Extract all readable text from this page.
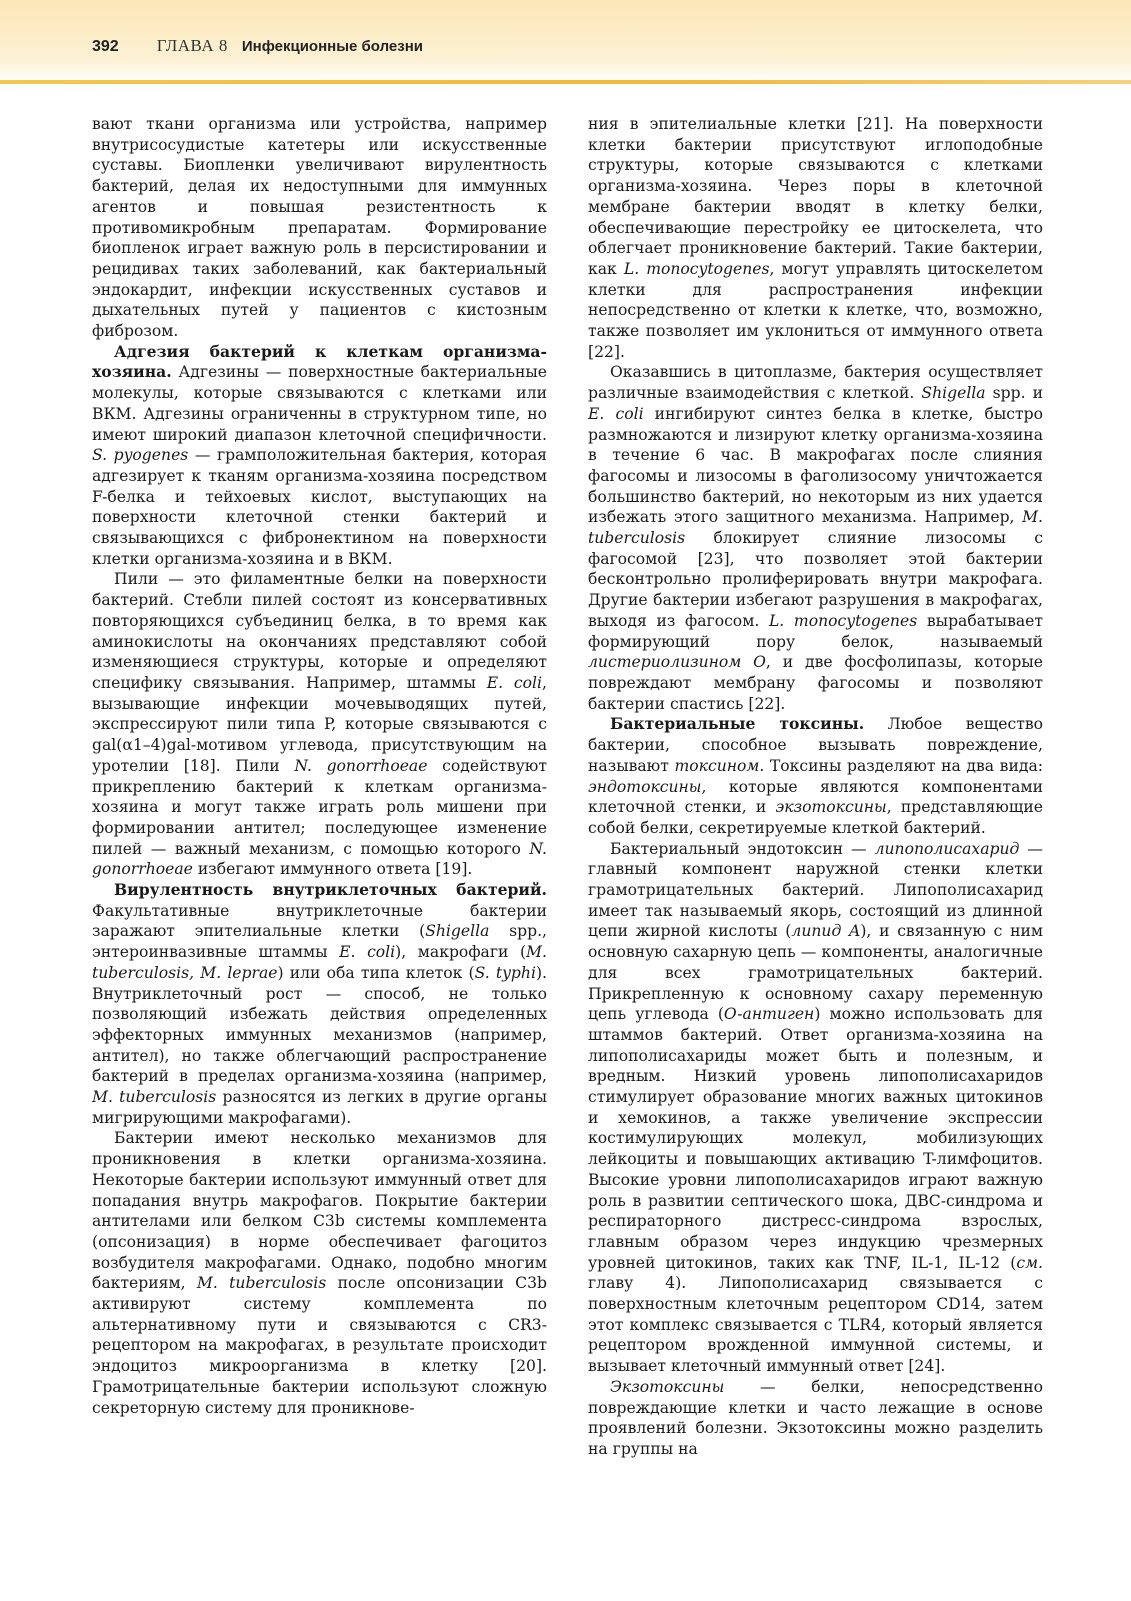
392 ГЛАВА 8 Инфекционные болезни

вают ткани организма или устройства, например внутрисосудистые катетеры или искусственные суставы. Биопленки увеличивают вирулентность бактерий, делая их недоступными для иммунных агентов и повышая резистентность к противомикробным препаратам. Формирование биопленок играет важную роль в персистировании и рецидивах таких заболеваний, как бактериальный эндокардит, инфекции искусственных суставов и дыхательных путей у пациентов с кистозным фиброзом.

Адгезия бактерий к клеткам организма-хозяина. Адгезины — поверхностные бактериальные молекулы, которые связываются с клетками или ВКМ. Адгезины ограниченны в структурном типе, но имеют широкий диапазон клеточной специфичности. S. pyogenes — грамположительная бактерия, которая адгезирует к тканям организма-хозяина посредством F-белка и тейхоевых кислот, выступающих на поверхности клеточной стенки бактерий и связывающихся с фибронектином на поверхности клетки организма-хозяина и в ВКМ.

Пили — это филаментные белки на поверхности бактерий. Стебли пилей состоят из консервативных повторяющихся субъединиц белка, в то время как аминокислоты на окончаниях представляют собой изменяющиеся структуры, которые и определяют специфику связывания. Например, штаммы E. coli, вызывающие инфекции мочевыводящих путей, экспрессируют пили типа P, которые связываются с gal(α1–4)gal-мотивом углевода, присутствующим на уротелии [18]. Пили N. gonorrhoeae содействуют прикреплению бактерий к клеткам организма-хозяина и могут также играть роль мишени при формировании антител; последующее изменение пилей — важный механизм, с помощью которого N. gonorrhoeae избегают иммунного ответа [19].

Вирулентность внутриклеточных бактерий. Факультативные внутриклеточные бактерии заражают эпителиальные клетки (Shigella spp., энтероинвазивные штаммы E. coli), макрофаги (M. tuberculosis, M. leprae) или оба типа клеток (S. typhi). Внутриклеточный рост — способ, не только позволяющий избежать действия определенных эффекторных иммунных механизмов (например, антител), но также облегчающий распространение бактерий в пределах организма-хозяина (например, M. tuberculosis разносятся из легких в другие органы мигрирующими макрофагами).

Бактерии имеют несколько механизмов для проникновения в клетки организма-хозяина. Некоторые бактерии используют иммунный ответ для попадания внутрь макрофагов. Покрытие бактерии антителами или белком C3b системы комплемента (опсонизация) в норме обеспечивает фагоцитоз возбудителя макрофагами. Однако, подобно многим бактериям, M. tuberculosis после опсонизации C3b активируют систему комплемента по альтернативному пути и связываются с CR3-рецептором на макрофагах, в результате происходит эндоцитоз микроорганизма в клетку [20]. Грамотрицательные бактерии используют сложную секреторную систему для проникнове-

ния в эпителиальные клетки [21]. На поверхности клетки бактерии присутствуют иглоподобные структуры, которые связываются с клетками организма-хозяина. Через поры в клеточной мембране бактерии вводят в клетку белки, обеспечивающие перестройку ее цитоскелета, что облегчает проникновение бактерий. Такие бактерии, как L. monocytogenes, могут управлять цитоскелетом клетки для распространения инфекции непосредственно от клетки к клетке, что, возможно, также позволяет им уклониться от иммунного ответа [22].

Оказавшись в цитоплазме, бактерия осуществляет различные взаимодействия с клеткой. Shigella spp. и E. coli ингибируют синтез белка в клетке, быстро размножаются и лизируют клетку организма-хозяина в течение 6 час. В макрофагах после слияния фагосомы и лизосомы в фаголизосому уничтожается большинство бактерий, но некоторым из них удается избежать этого защитного механизма. Например, M. tuberculosis блокирует слияние лизосомы с фагосомой [23], что позволяет этой бактерии бесконтрольно пролиферировать внутри макрофага. Другие бактерии избегают разрушения в макрофагах, выходя из фагосом. L. monocytogenes вырабатывает формирующий пору белок, называемый листериолизином O, и две фосфолипазы, которые повреждают мембрану фагосомы и позволяют бактерии спастись [22].

Бактериальные токсины. Любое вещество бактерии, способное вызывать повреждение, называют токсином. Токсины разделяют на два вида: эндотоксины, которые являются компонентами клеточной стенки, и экзотоксины, представляющие собой белки, секретируемые клеткой бактерий.

Бактериальный эндотоксин — липополисахарид — главный компонент наружной стенки клетки грамотрицательных бактерий. Липополисахарид имеет так называемый якорь, состоящий из длинной цепи жирной кислоты (липид A), и связанную с ним основную сахарную цепь — компоненты, аналогичные для всех грамотрицательных бактерий. Прикрепленную к основному сахару переменную цепь углевода (O-антиген) можно использовать для штаммов бактерий. Ответ организма-хозяина на липополисахариды может быть и полезным, и вредным. Низкий уровень липополисахаридов стимулирует образование многих важных цитокинов и хемокинов, а также увеличение экспрессии костимулирующих молекул, мобилизующих лейкоциты и повышающих активацию T-лимфоцитов. Высокие уровни липополисахаридов играют важную роль в развитии септического шока, ДВС-синдрома и респираторного дистресс-синдрома взрослых, главным образом через индукцию чрезмерных уровней цитокинов, таких как TNF, IL-1, IL-12 (см. главу 4). Липополисахарид связывается с поверхностным клеточным рецептором CD14, затем этот комплекс связывается с TLR4, который является рецептором врожденной иммунной системы, и вызывает клеточный иммунный ответ [24].

Экзотоксины — белки, непосредственно повреждающие клетки и часто лежащие в основе проявлений болезни. Экзотоксины можно разделить на группы на
